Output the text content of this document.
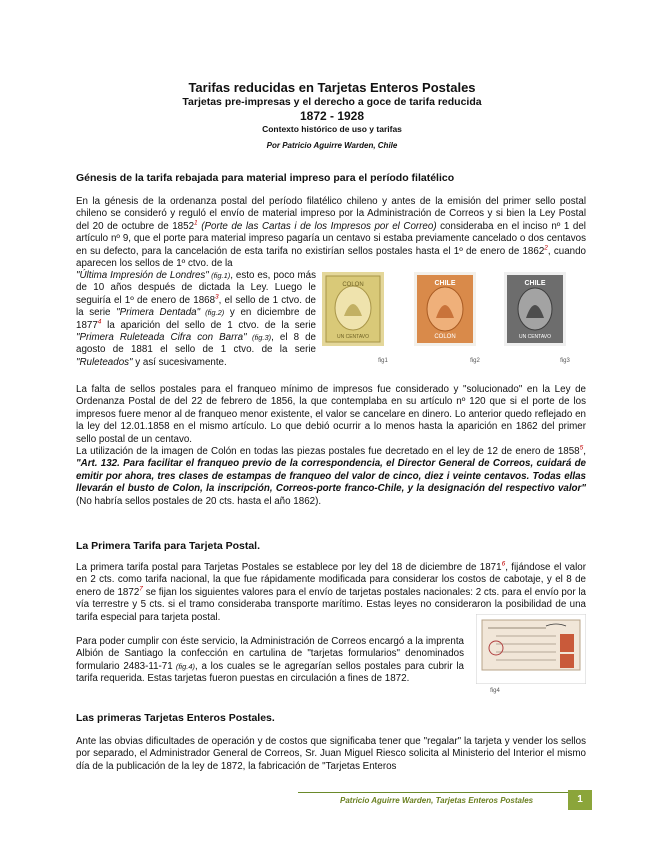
Tarifas reducidas en Tarjetas Enteros Postales
Tarjetas pre-impresas y el derecho a goce de tarifa reducida
1872 - 1928
Contexto histórico de uso y tarifas
Por Patricio Aguirre Warden, Chile
Génesis de la tarifa rebajada para material impreso para el período filatélico

En la génesis de la ordenanza postal del período filatélico chileno y antes de la emisión del primer sello postal chileno se consideró y reguló el envío de material impreso por la Administración de Correos y si bien la Ley Postal del 20 de octubre de 1852$^1$ (Porte de las Cartas i de los Impresos por el Correo) consideraba en el inciso nº 1 del artículo nº 9, que el porte para material impreso pagaría un centavo si estaba previamente cancelado o dos centavos en su defecto, para la cancelación de esta tarifa no existirían sellos postales hasta el 1º de enero de 1862$^2$, cuando aparecen los sellos de 1º ctvo. de la

"Última Impresión de Londres" (fig.1), esto es, poco más de 10 años después de dictada la Ley. Luego le seguiría el 1º de enero de 1868$^3$, el sello de 1 ctvo. de la serie "Primera Dentada" (fig.2) y en diciembre de 1877$^4$ la aparición del sello de 1 ctvo. de la serie "Primera Ruleteada Cifra con Barra" (fig.3), el 8 de agosto de 1881 el sello de 1 ctvo. de la serie "Ruleteados" y así sucesivamente.

COLON
UN CENTAVO
CHILE
COLON
CHILE
UN CENTAVO
fig1	fig2	fig3

La falta de sellos postales para el franqueo mínimo de impresos fue considerado y "solucionado" en la Ley de Ordenanza Postal de del 22 de febrero de 1856, la que contemplaba en su artículo nº 120 que si el porte de los impresos fuere menor al de franqueo menor existente, el valor se cancelare en dinero. Lo anterior quedo reflejado en la ley del 12.01.1858 en el mismo artículo. Lo que debió ocurrir a lo menos hasta la aparición en 1862 del primer sello postal de un centavo.

La utilización de la imagen de Colón en todas las piezas postales fue decretado en el ley de 12 de enero de 1858$^5$, "Art. 132. Para facilitar el franqueo previo de la correspondencia, el Director General de Correos, cuidará de emitir por ahora, tres clases de estampas de franqueo del valor de cinco, diez i veinte centavos. Todas ellas llevarán el busto de Colon, la inscripción, Correos-porte franco-Chile, y la designación del respectivo valor" (No habría sellos postales de 20 cts. hasta el año 1862).

La Primera Tarifa para Tarjeta Postal.

La primera tarifa postal para Tarjetas Postales se establece por ley del 18 de diciembre de 1871$^6$, fijándose el valor en 2 cts. como tarifa nacional, la que fue rápidamente modificada para considerar los costos de cabotaje, y el 8 de enero de 1872$^7$ se fijan los siguientes valores para el envío de tarjetas postales nacionales: 2 cts. para el envío por la vía terrestre y 5 cts. si el tramo consideraba transporte marítimo. Estas leyes no consideraron la posibilidad de una tarifa especial para tarjeta postal.

Para poder cumplir con éste servicio, la Administración de Correos encargó a la imprenta Albión de Santiago la confección en cartulina de "tarjetas formularios" denominados formulario 2483-11-71 (fig.4), a los cuales se le agregarían sellos postales para cubrir la tarifa requerida. Estas tarjetas fueron puestas en circulación a fines de 1872.

fig4
Las primeras Tarjetas Enteros Postales.

Ante las obvias dificultades de operación y de costos que significaba tener que "regalar" la tarjeta y vender los sellos por separado, el Administrador General de Correos, Sr. Juan Miguel Riesco solicita al Ministerio del Interior el mismo día de la publicación de la ley de 1872, la fabricación de "Tarjetas Enteros

Patricio Aguirre Warden, Tarjetas Enteros Postales	1
